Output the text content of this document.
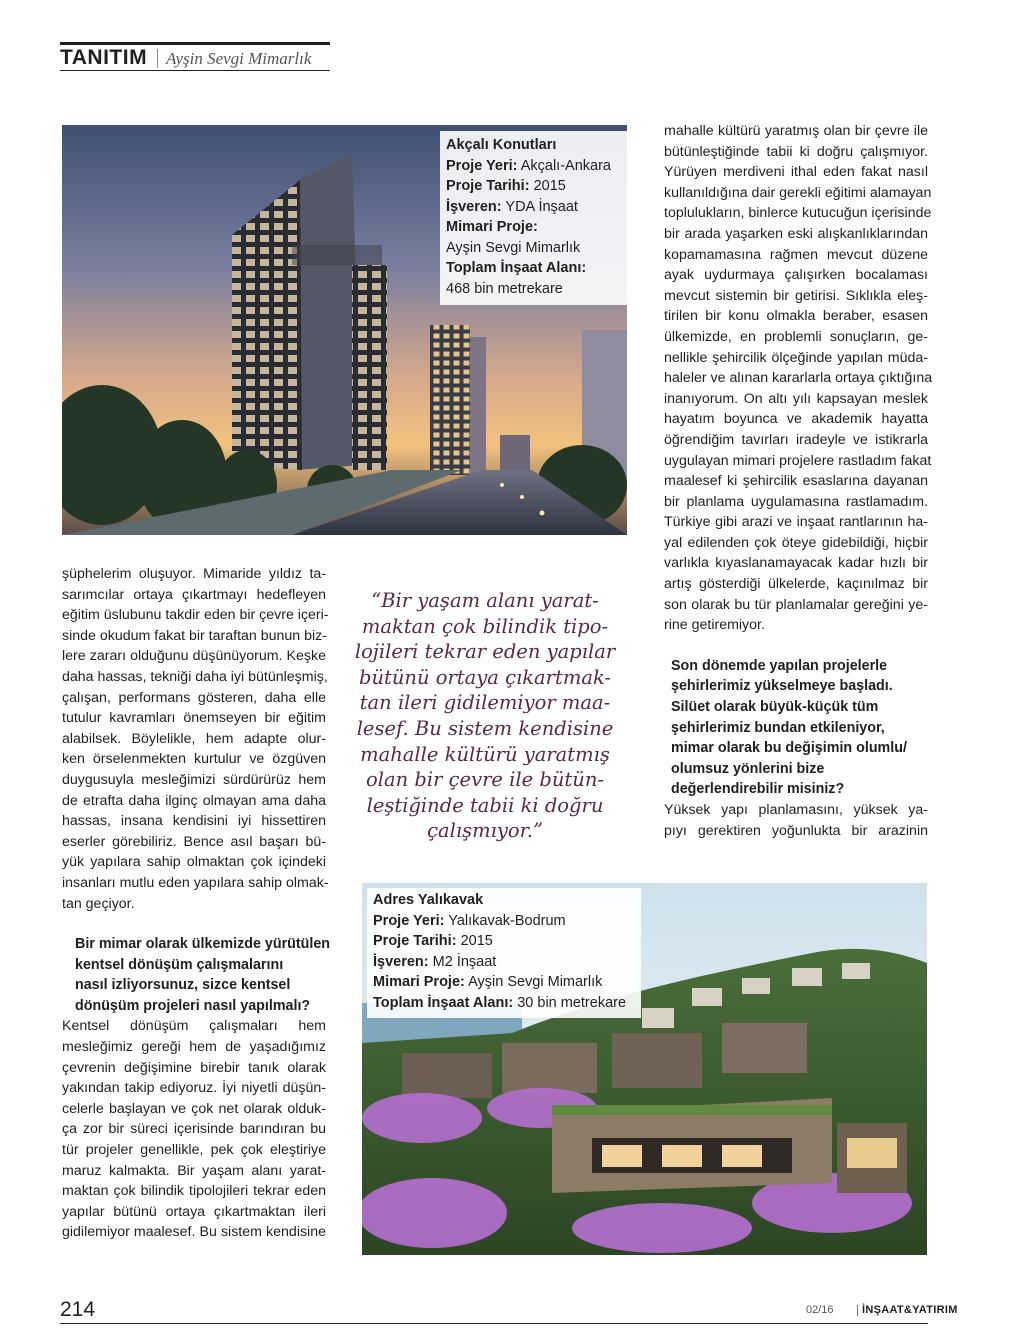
TANITIM Ayşin Sevgi Mimarlık
Akçalı Konutları
Proje Yeri: Akçalı-Ankara
Proje Tarihi: 2015
İşveren: YDA İnşaat
Mimari Proje:
Ayşin Sevgi Mimarlık
Toplam İnşaat Alanı:
468 bin metrekare
mahalle kültürü yaratmış olan bir çevre ile
bütünleştiğinde tabii ki doğru çalışmıyor.
Yürüyen merdiveni ithal eden fakat nasıl
kullanıldığına dair gerekli eğitimi alamayan
toplulukların, binlerce kutucuğun içerisinde
bir arada yaşarken eski alışkanlıklarından
kopamamasına rağmen mevcut düzene
ayak uydurmaya çalışırken bocalaması
mevcut sistemin bir getirisi. Sıklıkla eleş-
tirilen bir konu olmakla beraber, esasen
ülkemizde, en problemli sonuçların, ge-
nellikle şehircilik ölçeğinde yapılan müda-
haleler ve alınan kararlarla ortaya çıktığına
inanıyorum. On altı yılı kapsayan meslek
hayatım boyunca ve akademik hayatta
öğrendiğim tavırları iradeyle ve istikrarla
uygulayan mimari projelere rastladım fakat
maalesef ki şehircilik esaslarına dayanan
bir planlama uygulamasına rastlamadım.
Türkiye gibi arazi ve inşaat rantlarının ha-
yal edilenden çok öteye gidebildiği, hiçbir
varlıkla kıyaslanamayacak kadar hızlı bir
artış gösterdiği ülkelerde, kaçınılmaz bir
son olarak bu tür planlamalar gereğini ye-
rine getiremiyor.
Son dönemde yapılan projelerle
şehirlerimiz yükselmeye başladı.
Silüet olarak büyük-küçük tüm
şehirlerimiz bundan etkileniyor,
mimar olarak bu değişimin olumlu/
olumsuz yönlerini bize
değerlendirebilir misiniz?
Yüksek yapı planlamasını, yüksek ya-
pıyı gerektiren yoğunlukta bir arazinin
şüphelerim oluşuyor. Mimaride yıldız ta-
sarımcılar ortaya çıkartmayı hedefleyen
eğitim üslubunu takdir eden bir çevre içeri-
sinde okudum fakat bir taraftan bunun biz-
lere zararı olduğunu düşünüyorum. Keşke
daha hassas, tekniği daha iyi bütünleşmiş,
çalışan, performans gösteren, daha elle
tutulur kavramları önemseyen bir eğitim
alabilsek. Böylelikle, hem adapte olur-
ken örselenmekten kurtulur ve özgüven
duygusuyla mesleğimizi sürdürürüz hem
de etrafta daha ilginç olmayan ama daha
hassas, insana kendisini iyi hissettiren
eserler görebiliriz. Bence asıl başarı bü-
yük yapılara sahip olmaktan çok içindeki
insanları mutlu eden yapılara sahip olmak-
tan geçiyor.
Bir mimar olarak ülkemizde yürütülen
kentsel dönüşüm çalışmalarını
nasıl izliyorsunuz, sizce kentsel
dönüşüm projeleri nasıl yapılmalı?
Kentsel dönüşüm çalışmaları hem
mesleğimiz gereği hem de yaşadığımız
çevrenin değişimine birebir tanık olarak
yakından takip ediyoruz. İyi niyetli düşün-
celerle başlayan ve çok net olarak olduk-
ça zor bir süreci içerisinde barındıran bu
tür projeler genellikle, pek çok eleştiriye
maruz kalmakta. Bir yaşam alanı yarat-
maktan çok bilindik tipolojileri tekrar eden
yapılar bütünü ortaya çıkartmaktan ileri
gidilemiyor maalesef. Bu sistem kendisine
“Bir yaşam alanı yarat-
maktan çok bilindik tipo-
lojileri tekrar eden yapılar
bütünü ortaya çıkartmak-
tan ileri gidilemiyor maa-
lesef. Bu sistem kendisine
mahalle kültürü yaratmış
olan bir çevre ile bütün-
leştiğinde tabii ki doğru
çalışmıyor.”
Adres Yalıkavak
Proje Yeri: Yalıkavak-Bodrum
Proje Tarihi: 2015
İşveren: M2 İnşaat
Mimari Proje: Ayşin Sevgi Mimarlık
Toplam İnşaat Alanı: 30 bin metrekare
214	02/16	İNŞAAT&YATIRIM
